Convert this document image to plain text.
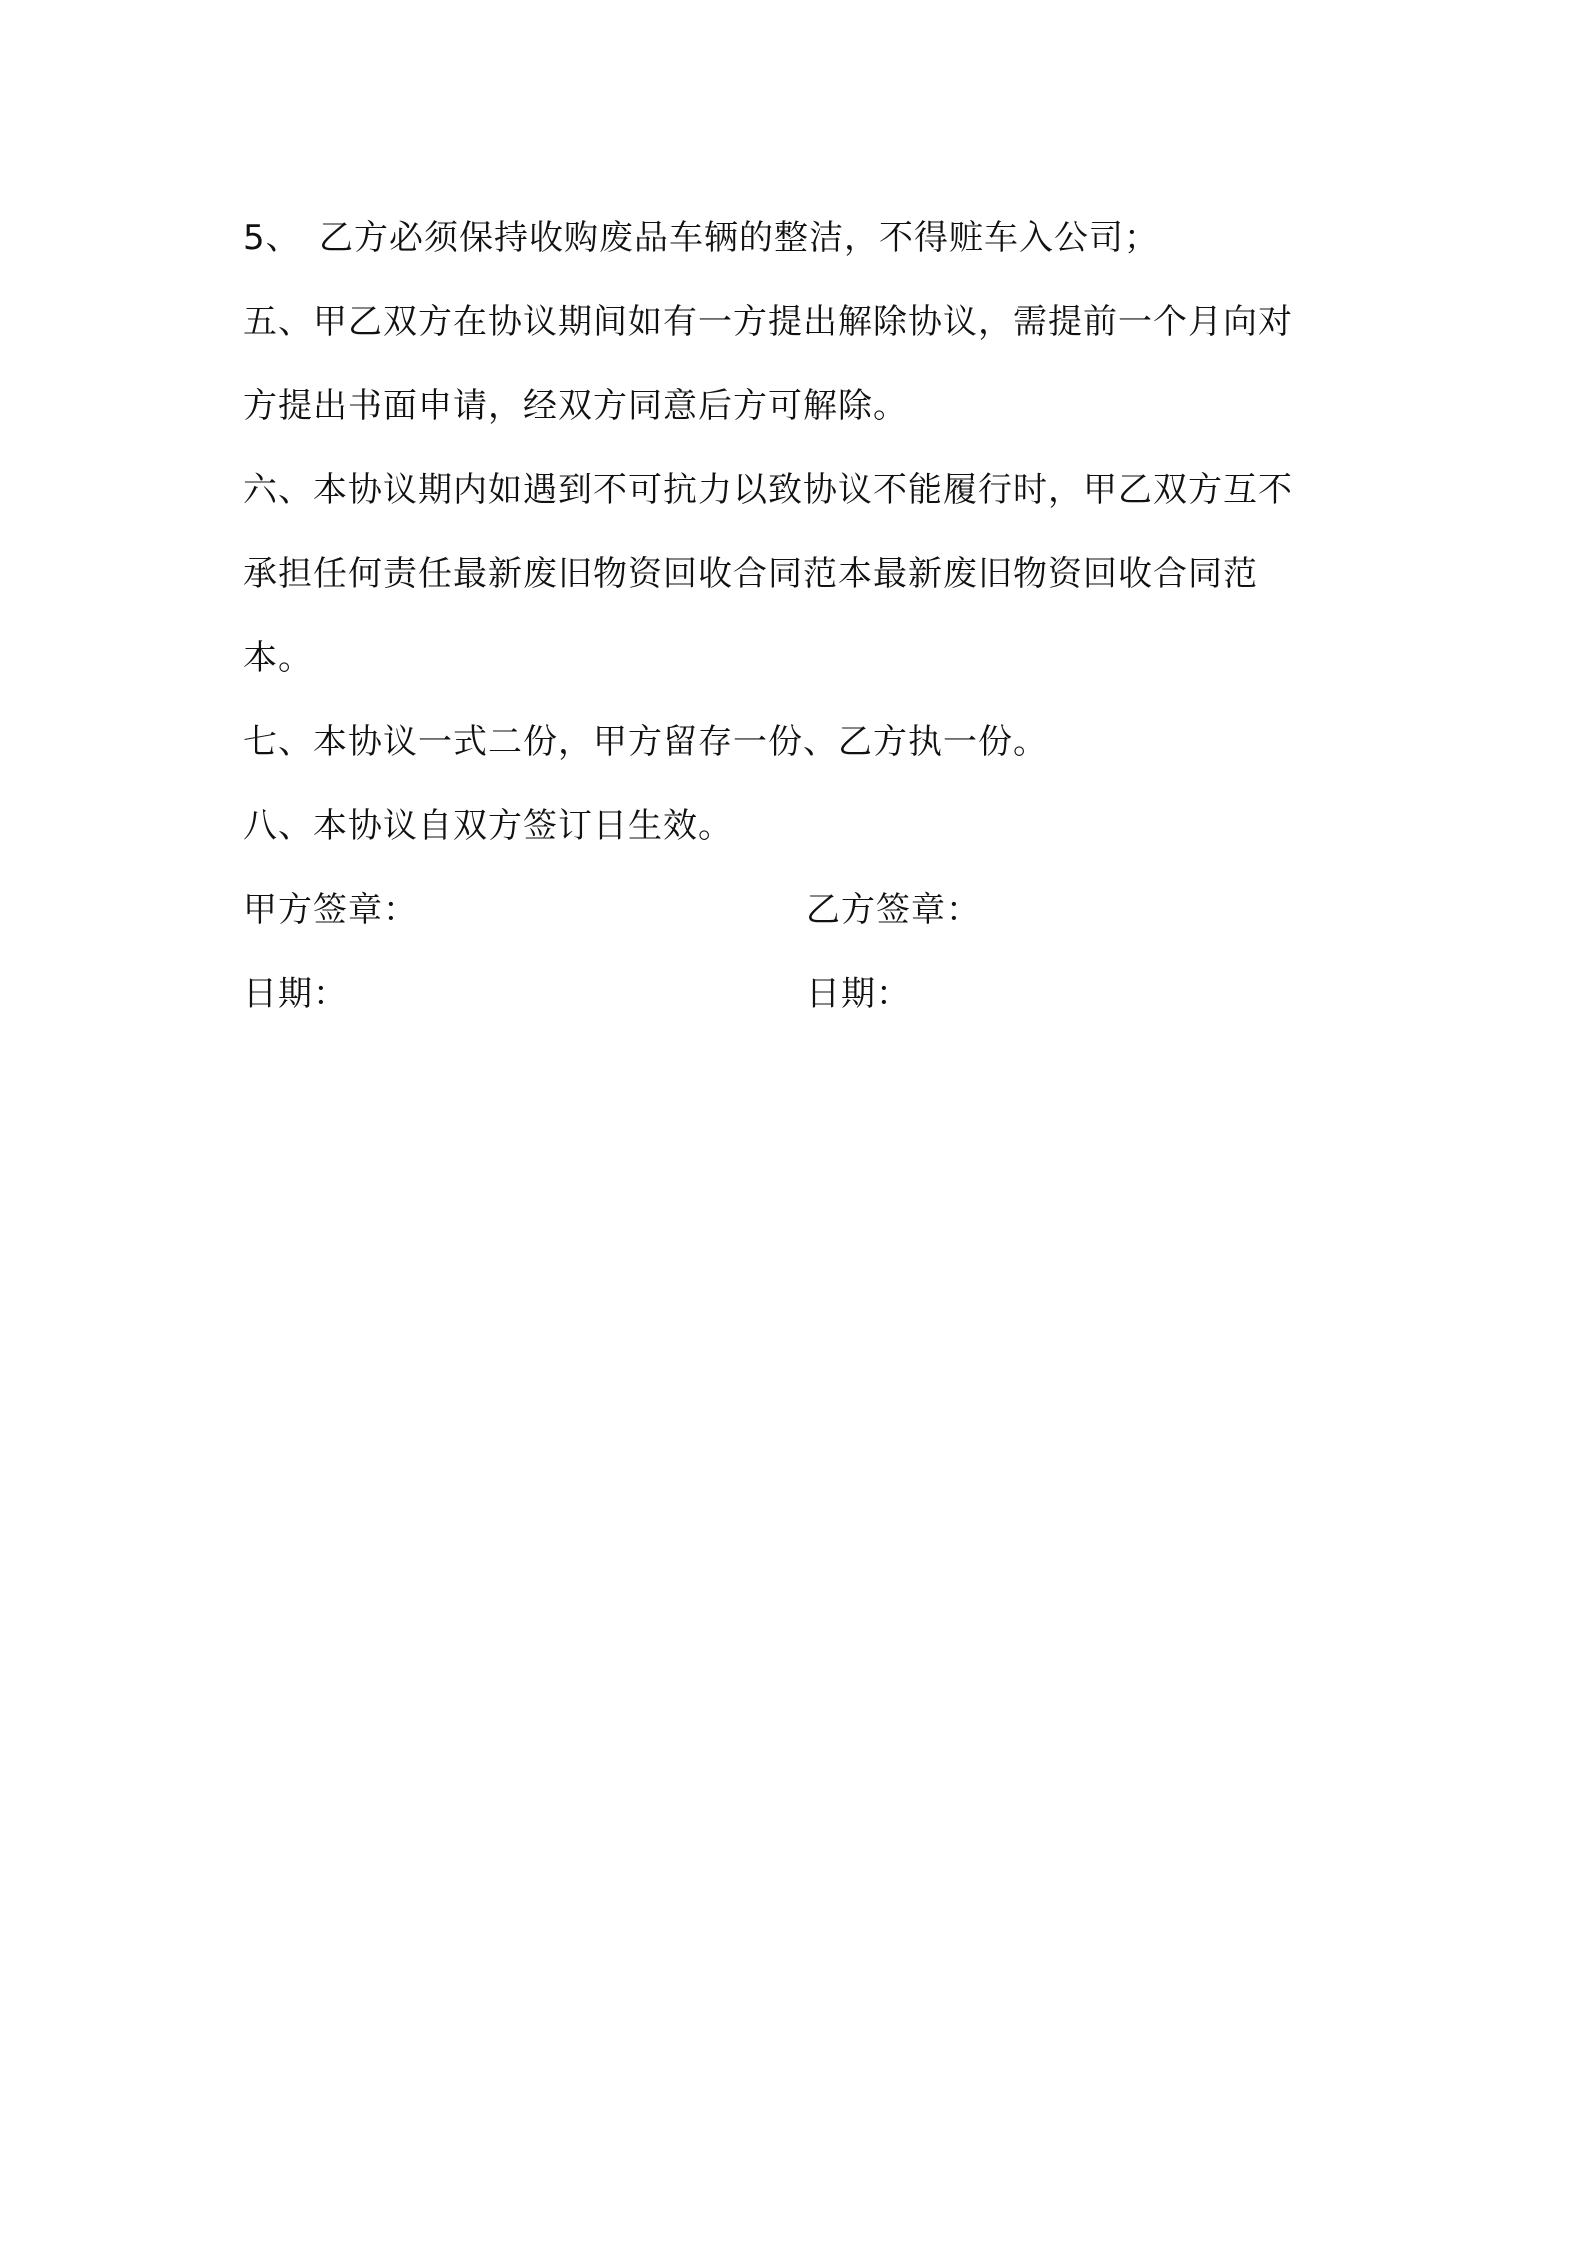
5、 乙方必须保持收购废品车辆的整洁，不得赃车入公司；
五、甲乙双方在协议期间如有一方提出解除协议，需提前一个月向对
方提出书面申请，经双方同意后方可解除。
六、本协议期内如遇到不可抗力以致协议不能履行时，甲乙双方互不
承担任何责任最新废旧物资回收合同范本最新废旧物资回收合同范
本。
七、本协议一式二份，甲方留存一份、乙方执一份。
八、本协议自双方签订日生效。
甲方签章：	乙方签章：
日期：	日期：
